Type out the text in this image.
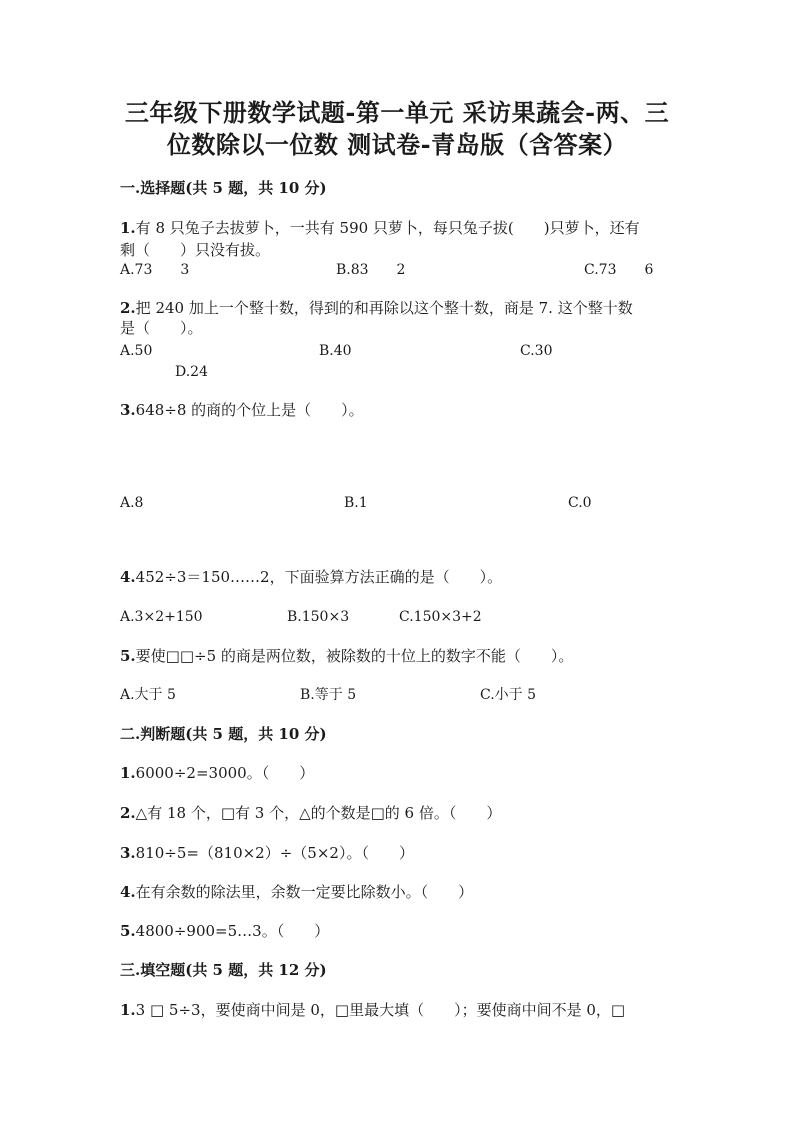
三年级下册数学试题-第一单元 采访果蔬会-两、三
位数除以一位数 测试卷-青岛版（含答案）
一.选择题(共 5 题，共 10 分)
1.有 8 只兔子去拔萝卜，一共有 590 只萝卜，每只兔子拔(　　)只萝卜，还有
剩（　　）只没有拔。
A.73　　3	B.83　　2	C.73　　6
2.把 240 加上一个整十数，得到的和再除以这个整十数，商是 7. 这个整十数
是（　　）。
A.50	B.40	C.30
D.24
3.648÷8 的商的个位上是（　　）。
A.8	B.1	C.0
4.452÷3＝150……2，下面验算方法正确的是（　　）。
A.3×2+150	B.150×3	C.150×3+2
5.要使□□÷5 的商是两位数，被除数的十位上的数字不能（　　）。
A.大于 5	B.等于 5	C.小于 5
二.判断题(共 5 题，共 10 分)
1.6000÷2=3000。（　　）
2.△有 18 个，□有 3 个，△的个数是□的 6 倍。（　　）
3.810÷5=（810×2）÷（5×2）。（　　）
4.在有余数的除法里，余数一定要比除数小。（　　）
5.4800÷900=5…3。（　　）
三.填空题(共 5 题，共 12 分)
1.3 □ 5÷3，要使商中间是 0，□里最大填（　　）；要使商中间不是 0，□
